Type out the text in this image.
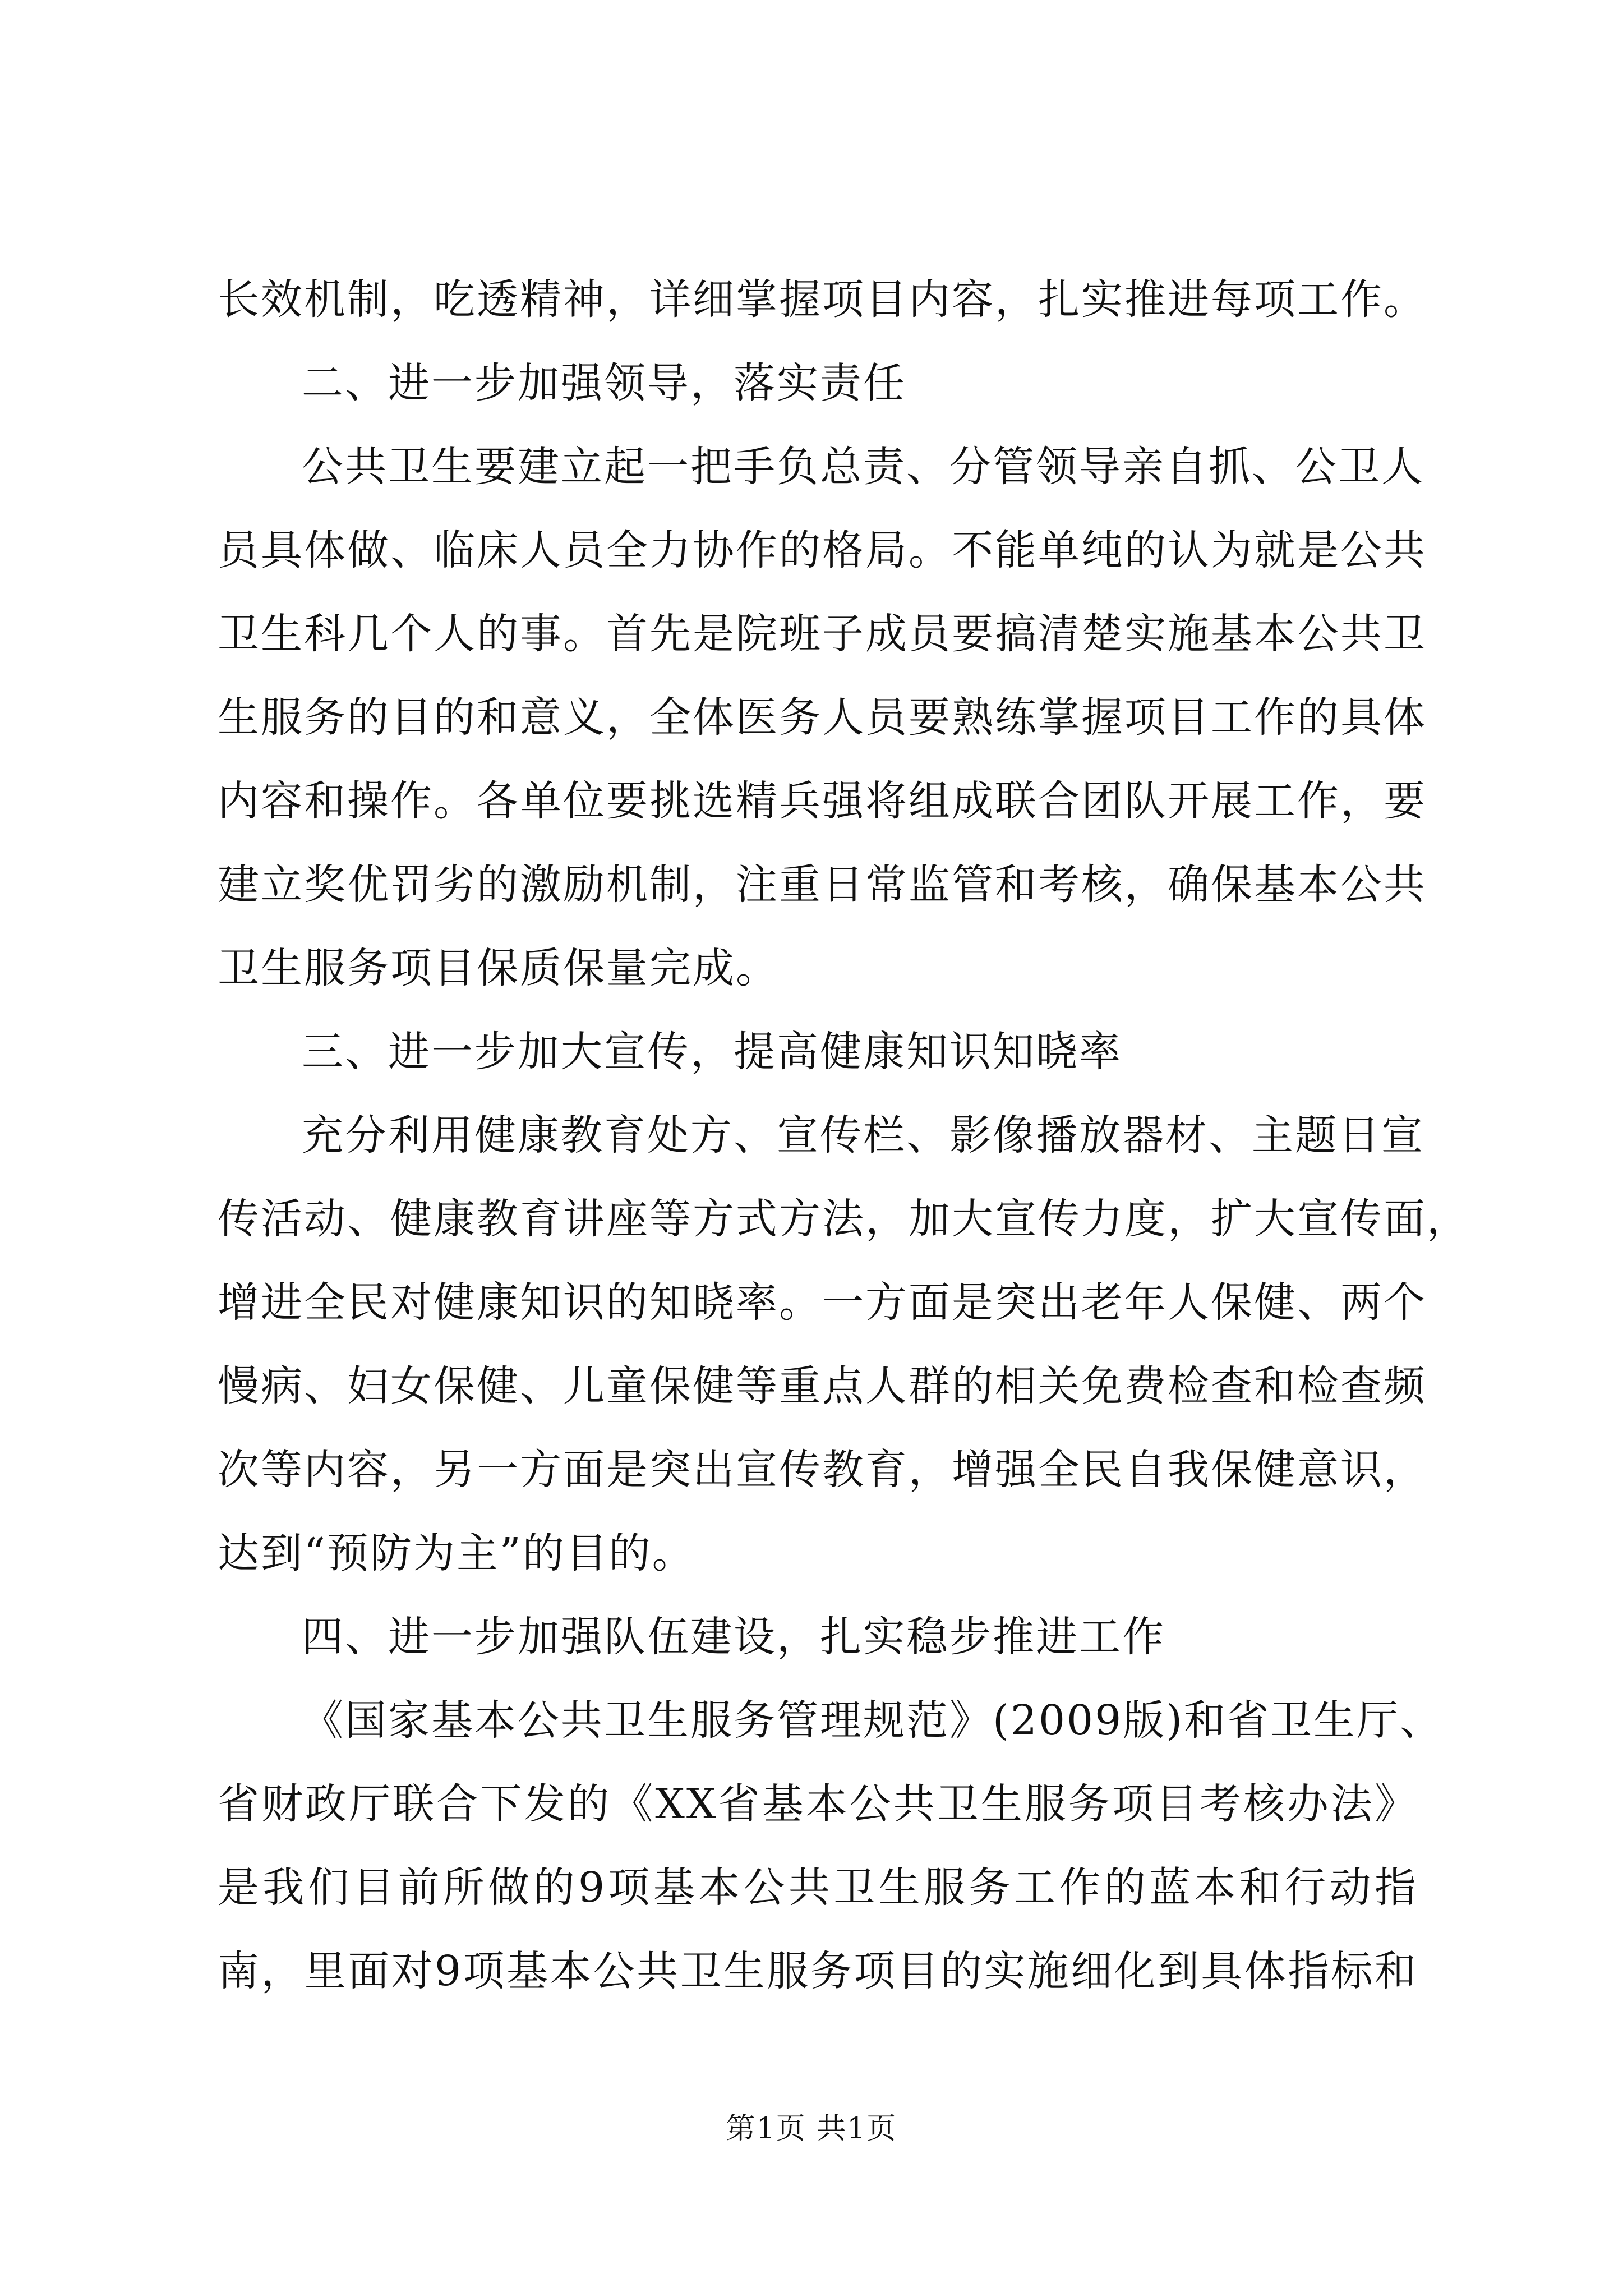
长效机制，吃透精神，详细掌握项目内容，扎实推进每项工作。
二、进一步加强领导，落实责任
公共卫生要建立起一把手负总责、分管领导亲自抓、公卫人
员具体做、临床人员全力协作的格局。不能单纯的认为就是公共
卫生科几个人的事。首先是院班子成员要搞清楚实施基本公共卫
生服务的目的和意义，全体医务人员要熟练掌握项目工作的具体
内容和操作。各单位要挑选精兵强将组成联合团队开展工作，要
建立奖优罚劣的激励机制，注重日常监管和考核，确保基本公共
卫生服务项目保质保量完成。
三、进一步加大宣传，提高健康知识知晓率
充分利用健康教育处方、宣传栏、影像播放器材、主题日宣
传活动、健康教育讲座等方式方法，加大宣传力度，扩大宣传面，
增进全民对健康知识的知晓率。一方面是突出老年人保健、两个
慢病、妇女保健、儿童保健等重点人群的相关免费检查和检查频
次等内容，另一方面是突出宣传教育，增强全民自我保健意识，
达到“预防为主”的目的。
四、进一步加强队伍建设，扎实稳步推进工作
《国家基本公共卫生服务管理规范》(2009版)和省卫生厅、
省财政厅联合下发的《XX省基本公共卫生服务项目考核办法》
是我们目前所做的9项基本公共卫生服务工作的蓝本和行动指
南，里面对9项基本公共卫生服务项目的实施细化到具体指标和
第1页 共1页
